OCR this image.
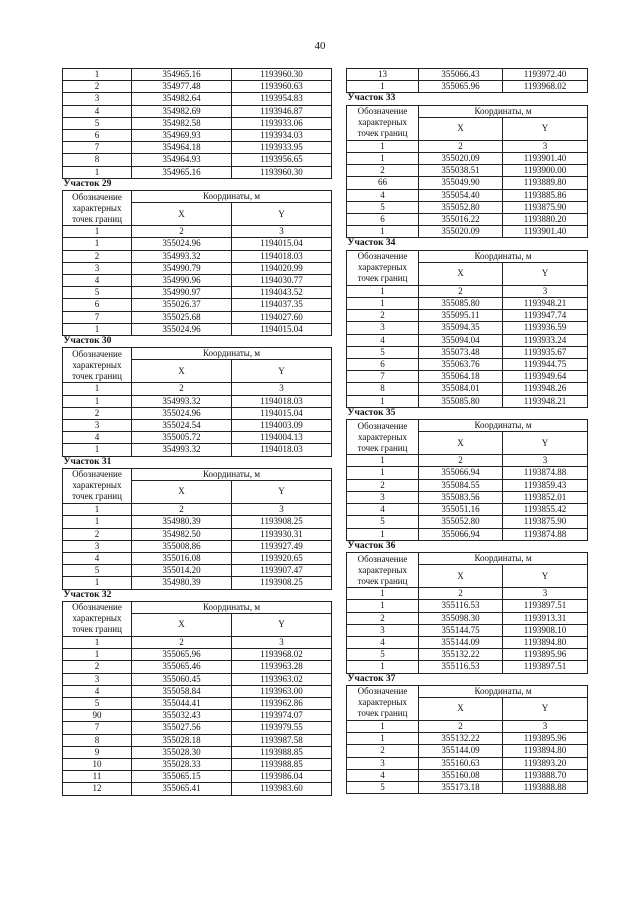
40
1	354965.16	1193960.30
2	354977.48	1193960.63
3	354982.64	1193954.83
4	354982.69	1193946.87
5	354982.58	1193933.06
6	354969.93	1193934.03
7	354964.18	1193933.95
8	354964.93	1193956.65
1	354965.16	1193960.30
Участок 29		
Обозначение характерных точек границ	Координаты, м	
	X	Y
1	2	3
1	355024.96	1194015.04
2	354993.32	1194018.03
3	354990.79	1194020.99
4	354990.96	1194030.77
5	354990.97	1194043.52
6	355026.37	1194037.35
7	355025.68	1194027.60
1	355024.96	1194015.04
Участок 30		
Обозначение характерных точек границ	Координаты, м	
	X	Y
1	2	3
1	354993.32	1194018.03
2	355024.96	1194015.04
3	355024.54	1194003.09
4	355005.72	1194004.13
1	354993.32	1194018.03
Участок 31		
Обозначение характерных точек границ	Координаты, м	
	X	Y
1	2	3
1	354980.39	1193908.25
2	354982.50	1193930.31
3	355008.86	1193927.49
4	355016.08	1193920.65
5	355014.20	1193907.47
1	354980.39	1193908.25
Участок 32		
Обозначение характерных точек границ	Координаты, м	
	X	Y
1	2	3
1	355065.96	1193968.02
2	355065.46	1193963.28
3	355060.45	1193963.02
4	355058.84	1193963.00
5	355044.41	1193962.86
90	355032.43	1193974.07
7	355027.56	1193979.55
8	355028.18	1193987.58
9	355028.30	1193988.85
10	355028.33	1193988.85
11	355065.15	1193986.04
12	355065.41	1193983.60
13	355066.43	1193972.40
1	355065.96	1193968.02
Участок 33		
Обозначение характерных точек границ	Координаты, м	
	X	Y
1	2	3
1	355020.09	1193901.40
2	355038.51	1193900.00
66	355049.90	1193889.80
4	355054.40	1193885.86
5	355052.80	1193875.90
6	355016.22	1193880.20
1	355020.09	1193901.40
Участок 34		
Обозначение характерных точек границ	Координаты, м	
	X	Y
1	2	3
1	355085.80	1193948.21
2	355095.11	1193947.74
3	355094.35	1193936.59
4	355094.04	1193933.24
5	355073.48	1193935.67
6	355063.76	1193944.75
7	355064.18	1193949.64
8	355084.01	1193948.26
1	355085.80	1193948.21
Участок 35		
Обозначение характерных точек границ	Координаты, м	
	X	Y
1	2	3
1	355066.94	1193874.88
2	355084.55	1193859.43
3	355083.56	1193852.01
4	355051.16	1193855.42
5	355052.80	1193875.90
1	355066.94	1193874.88
Участок 36		
Обозначение характерных точек границ	Координаты, м	
	X	Y
1	2	3
1	355116.53	1193897.51
2	355098.30	1193913.31
3	355144.75	1193908.10
4	355144.09	1193894.80
5	355132.22	1193895.96
1	355116.53	1193897.51
Участок 37		
Обозначение характерных точек границ	Координаты, м	
	X	Y
1	2	3
1	355132.22	1193895.96
2	355144.09	1193894.80
3	355160.63	1193893.20
4	355160.08	1193888.70
5	355173.18	1193888.88
